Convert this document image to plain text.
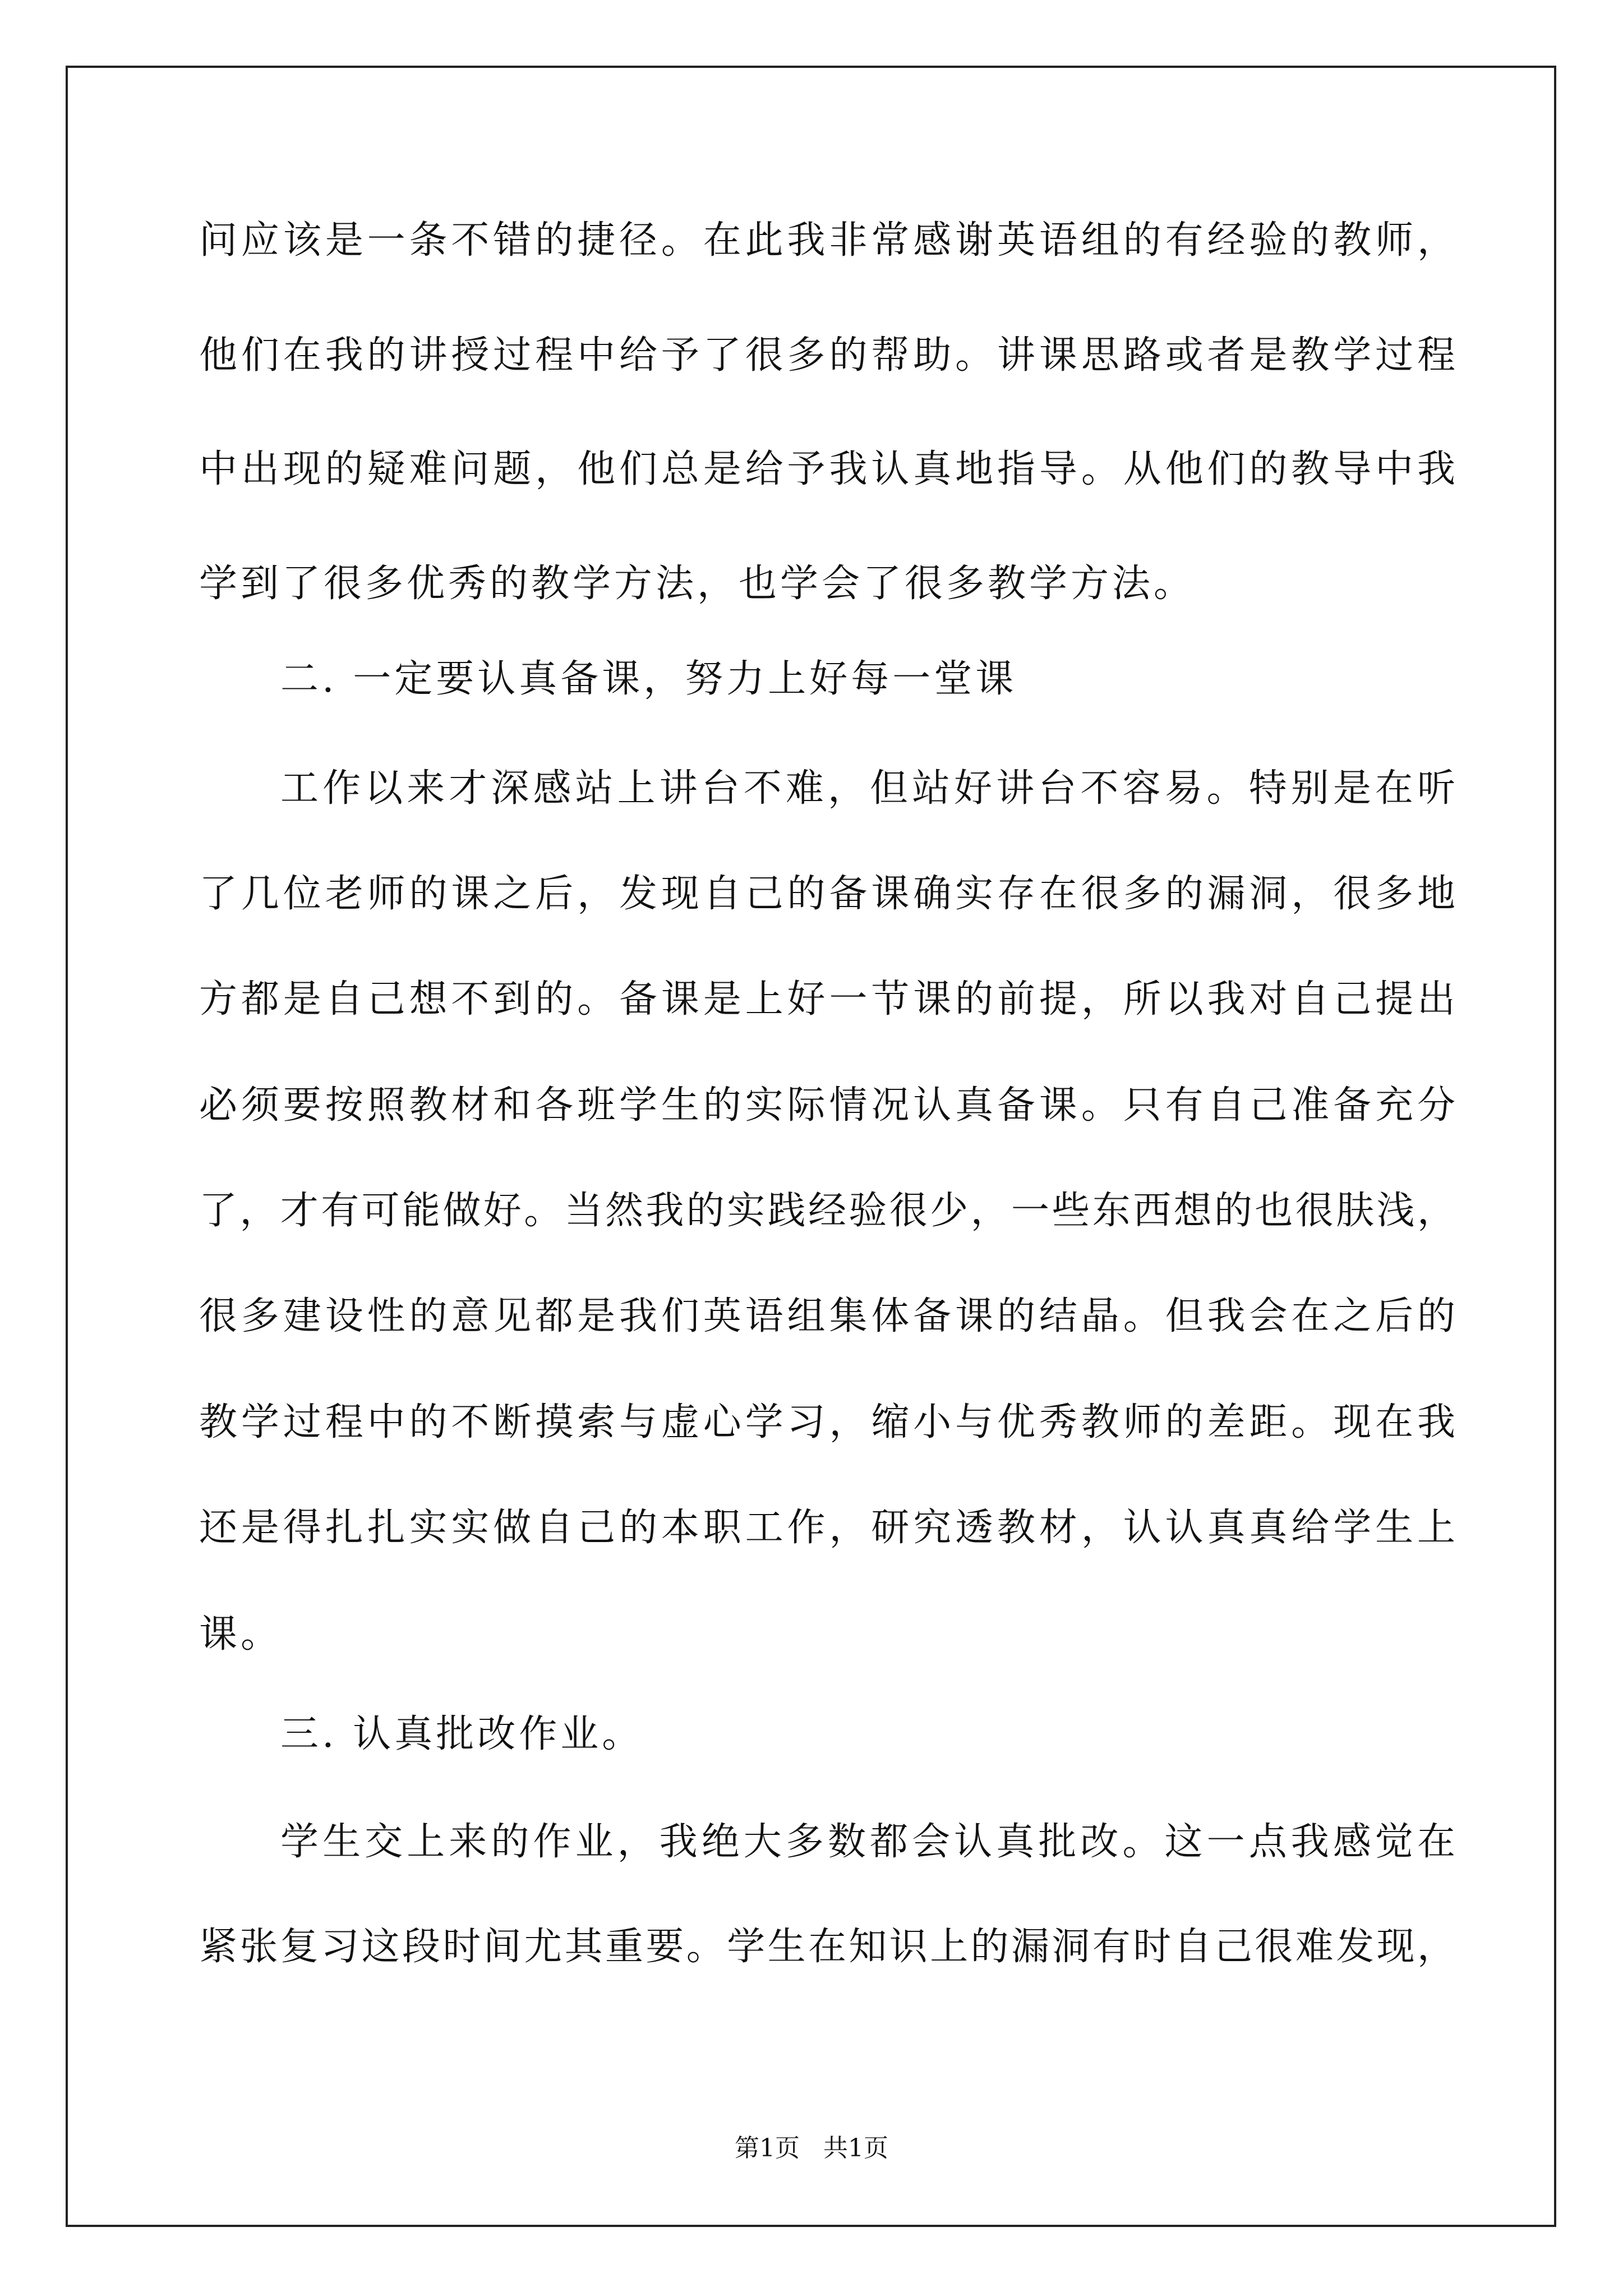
问应该是一条不错的捷径。在此我非常感谢英语组的有经验的教师，

他们在我的讲授过程中给予了很多的帮助。讲课思路或者是教学过程

中出现的疑难问题，他们总是给予我认真地指导。从他们的教导中我

学到了很多优秀的教学方法，也学会了很多教学方法。

二. 一定要认真备课，努力上好每一堂课

工作以来才深感站上讲台不难，但站好讲台不容易。特别是在听

了几位老师的课之后，发现自己的备课确实存在很多的漏洞，很多地

方都是自己想不到的。备课是上好一节课的前提，所以我对自己提出

必须要按照教材和各班学生的实际情况认真备课。只有自己准备充分

了，才有可能做好。当然我的实践经验很少，一些东西想的也很肤浅，

很多建设性的意见都是我们英语组集体备课的结晶。但我会在之后的

教学过程中的不断摸索与虚心学习，缩小与优秀教师的差距。现在我

还是得扎扎实实做自己的本职工作，研究透教材，认认真真给学生上

课。

三. 认真批改作业。

学生交上来的作业，我绝大多数都会认真批改。这一点我感觉在

紧张复习这段时间尤其重要。学生在知识上的漏洞有时自己很难发现，

第1页   共1页
